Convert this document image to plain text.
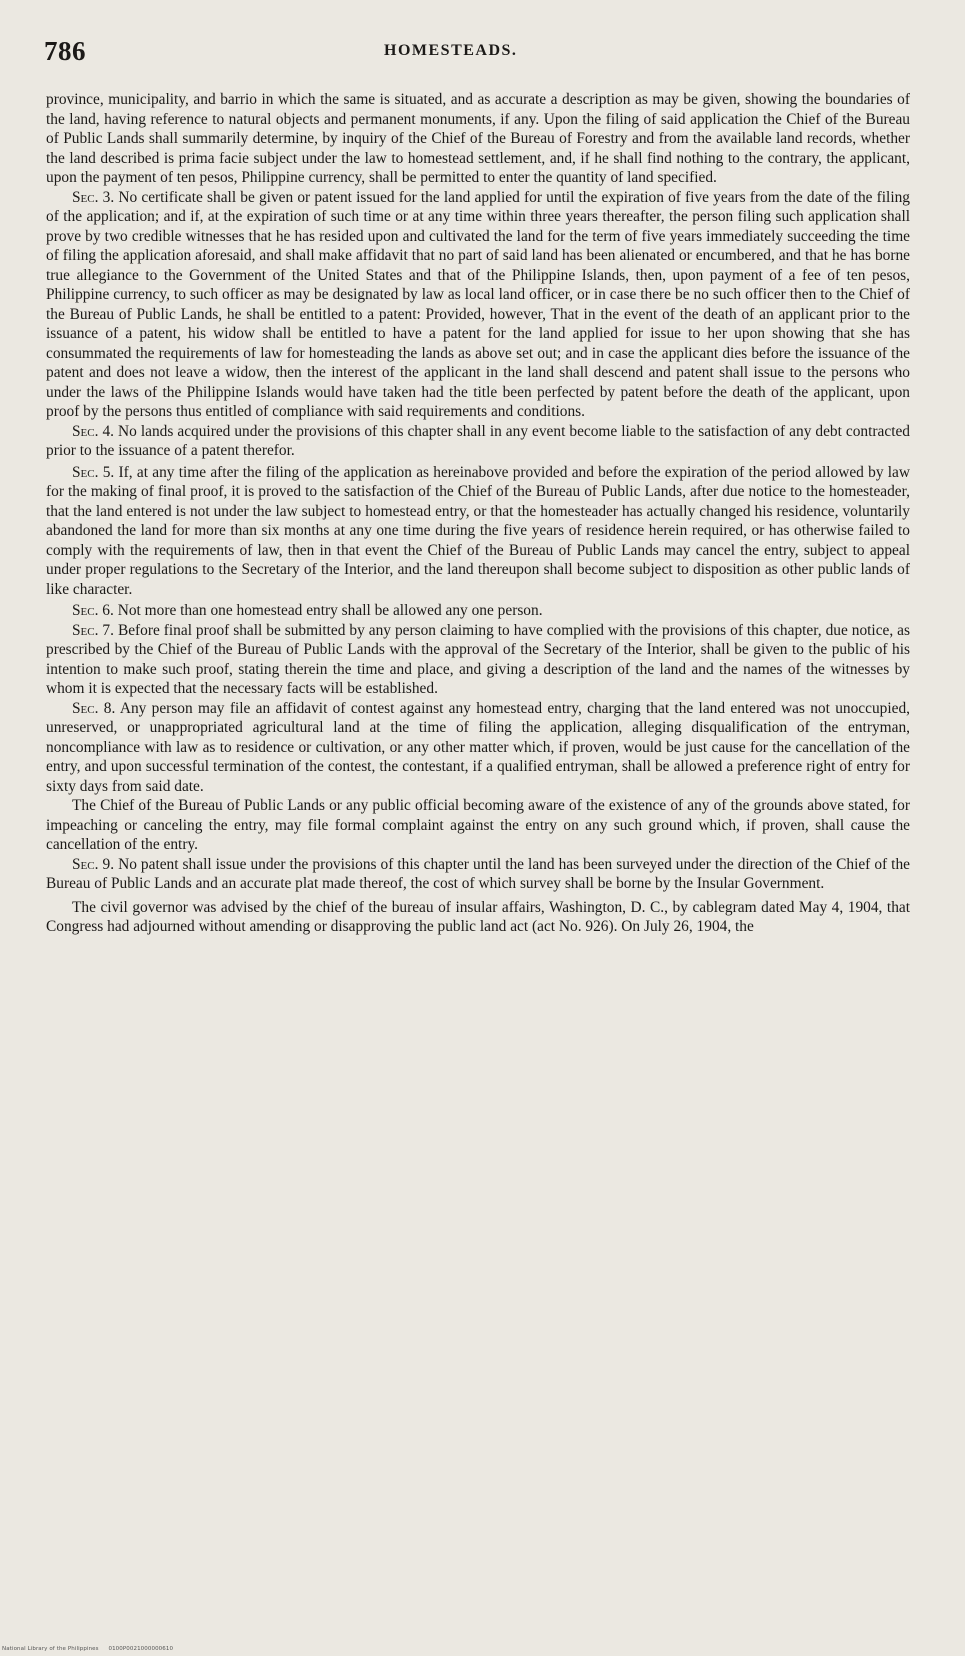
786	HOMESTEADS.

province, municipality, and barrio in which the same is situated, and as accurate a description as may be given, showing the boundaries of the land, having reference to natural objects and permanent monuments, if any. Upon the filing of said application the Chief of the Bureau of Public Lands shall summarily determine, by inquiry of the Chief of the Bureau of Forestry and from the available land records, whether the land described is prima facie subject under the law to homestead settlement, and, if he shall find nothing to the contrary, the applicant, upon the payment of ten pesos, Philippine currency, shall be permitted to enter the quantity of land specified.

Sec. 3. No certificate shall be given or patent issued for the land applied for until the expiration of five years from the date of the filing of the application; and if, at the expiration of such time or at any time within three years thereafter, the person filing such application shall prove by two credible witnesses that he has resided upon and cultivated the land for the term of five years immediately succeeding the time of filing the application aforesaid, and shall make affidavit that no part of said land has been alienated or encumbered, and that he has borne true allegiance to the Government of the United States and that of the Philippine Islands, then, upon payment of a fee of ten pesos, Philippine currency, to such officer as may be designated by law as local land officer, or in case there be no such officer then to the Chief of the Bureau of Public Lands, he shall be entitled to a patent: Provided, however, That in the event of the death of an applicant prior to the issuance of a patent, his widow shall be entitled to have a patent for the land applied for issue to her upon showing that she has consummated the requirements of law for homesteading the lands as above set out; and in case the applicant dies before the issuance of the patent and does not leave a widow, then the interest of the applicant in the land shall descend and patent shall issue to the persons who under the laws of the Philippine Islands would have taken had the title been perfected by patent before the death of the applicant, upon proof by the persons thus entitled of compliance with said requirements and conditions.

Sec. 4. No lands acquired under the provisions of this chapter shall in any event become liable to the satisfaction of any debt contracted prior to the issuance of a patent therefor.

Sec. 5. If, at any time after the filing of the application as hereinabove provided and before the expiration of the period allowed by law for the making of final proof, it is proved to the satisfaction of the Chief of the Bureau of Public Lands, after due notice to the homesteader, that the land entered is not under the law subject to homestead entry, or that the homesteader has actually changed his residence, voluntarily abandoned the land for more than six months at any one time during the five years of residence herein required, or has otherwise failed to comply with the requirements of law, then in that event the Chief of the Bureau of Public Lands may cancel the entry, subject to appeal under proper regulations to the Secretary of the Interior, and the land thereupon shall become subject to disposition as other public lands of like character.

Sec. 6. Not more than one homestead entry shall be allowed any one person.

Sec. 7. Before final proof shall be submitted by any person claiming to have complied with the provisions of this chapter, due notice, as prescribed by the Chief of the Bureau of Public Lands with the approval of the Secretary of the Interior, shall be given to the public of his intention to make such proof, stating therein the time and place, and giving a description of the land and the names of the witnesses by whom it is expected that the necessary facts will be established.

Sec. 8. Any person may file an affidavit of contest against any homestead entry, charging that the land entered was not unoccupied, unreserved, or unappropriated agricultural land at the time of filing the application, alleging disqualification of the entryman, noncompliance with law as to residence or cultivation, or any other matter which, if proven, would be just cause for the cancellation of the entry, and upon successful termination of the contest, the contestant, if a qualified entryman, shall be allowed a preference right of entry for sixty days from said date.

The Chief of the Bureau of Public Lands or any public official becoming aware of the existence of any of the grounds above stated, for impeaching or canceling the entry, may file formal complaint against the entry on any such ground which, if proven, shall cause the cancellation of the entry.

Sec. 9. No patent shall issue under the provisions of this chapter until the land has been surveyed under the direction of the Chief of the Bureau of Public Lands and an accurate plat made thereof, the cost of which survey shall be borne by the Insular Government.

The civil governor was advised by the chief of the bureau of insular affairs, Washington, D. C., by cablegram dated May 4, 1904, that Congress had adjourned without amending or disapproving the public land act (act No. 926). On July 26, 1904, the

National Library of the Philippines 0100P0021000000610
